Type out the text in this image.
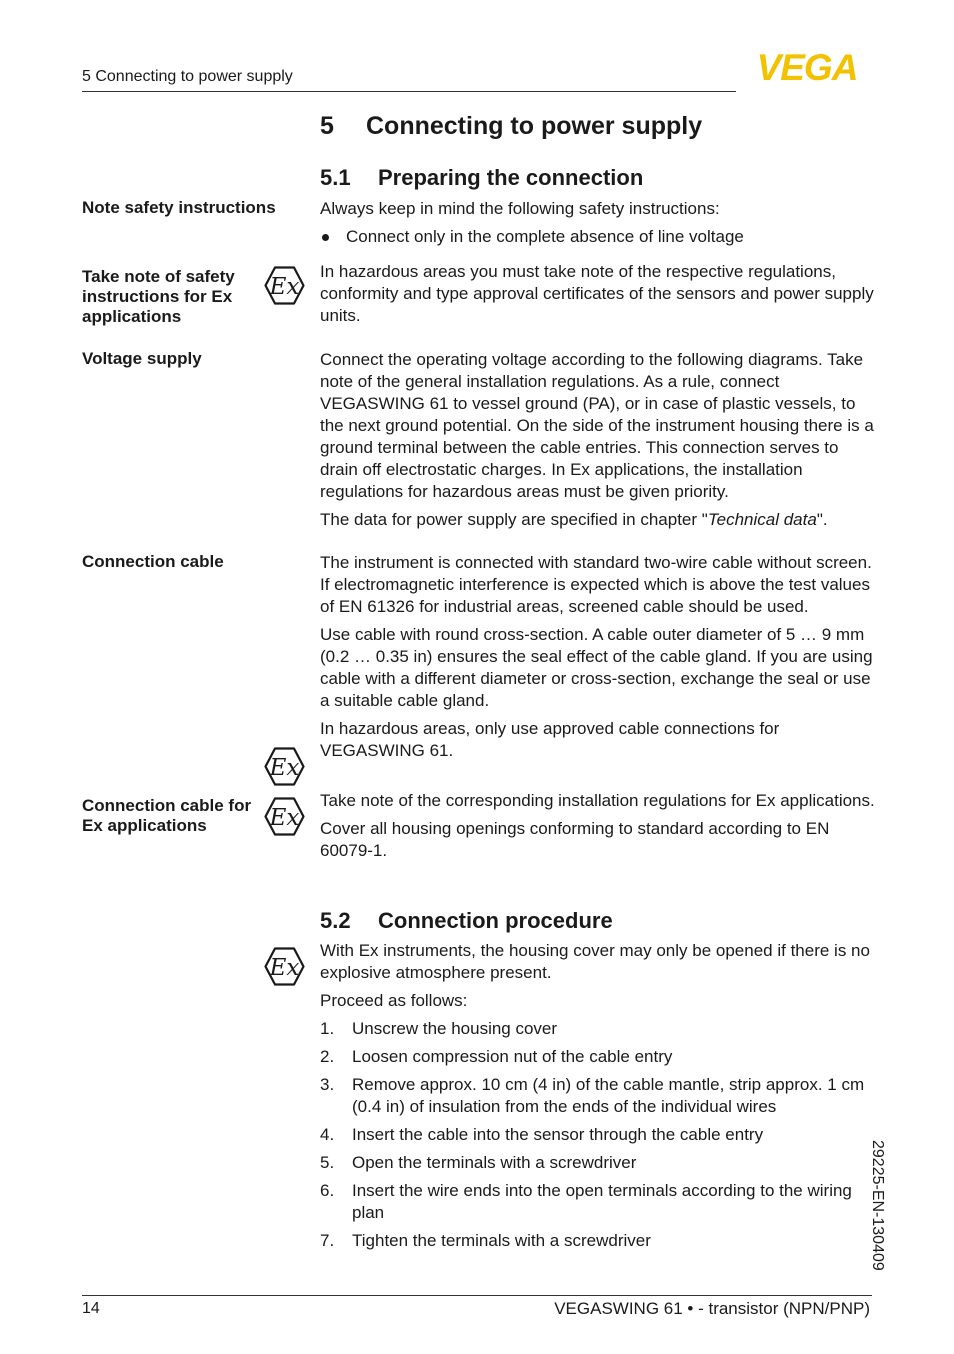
5 Connecting to power supply	VEGA
5 Connecting to power supply
5.1 Preparing the connection
Note safety instructions	Always keep in mind the following safety instructions:

Connect only in the complete absence of line voltage

Take note of safety instructions for Ex applications
Ex
In hazardous areas you must take note of the respective regulations, conformity and type approval certificates of the sensors and power supply units.
Voltage supply	Connect the operating voltage according to the following diagrams. Take note of the general installation regulations. As a rule, connect VEGASWING 61 to vessel ground (PA), or in case of plastic vessels, to the next ground potential. On the side of the instrument housing there is a ground terminal between the cable entries. This connection serves to drain off electrostatic charges. In Ex applications, the installation regulations for hazardous areas must be given priority.

The data for power supply are specified in chapter "Technical data".

Connection cable	The instrument is connected with standard two-wire cable without screen. If electromagnetic interference is expected which is above the test values of EN 61326 for industrial areas, screened cable should be used.

Use cable with round cross-section. A cable outer diameter of 5 … 9 mm (0.2 … 0.35 in) ensures the seal effect of the cable gland. If you are using cable with a different diameter or cross-section, exchange the seal or use a suitable cable gland.

In hazardous areas, only use approved cable connections for VEGASWING 61.

Ex
Connection cable for Ex applications	Ex

Take note of the corresponding installation regulations for Ex applications.

Cover all housing openings conforming to standard according to EN 60079-1.

5.2 Connection procedure
Ex

With Ex instruments, the housing cover may only be opened if there is no explosive atmosphere present.

Proceed as follows:

1. Unscrew the housing cover
2. Loosen compression nut of the cable entry
3. Remove approx. 10 cm (4 in) of the cable mantle, strip approx. 1 cm (0.4 in) of insulation from the ends of the individual wires
4. Insert the cable into the sensor through the cable entry
5. Open the terminals with a screwdriver
6. Insert the wire ends into the open terminals according to the wiring plan
7. Tighten the terminals with a screwdriver
14	VEGASWING 61 • - transistor (NPN/PNP)
29225-EN-130409
